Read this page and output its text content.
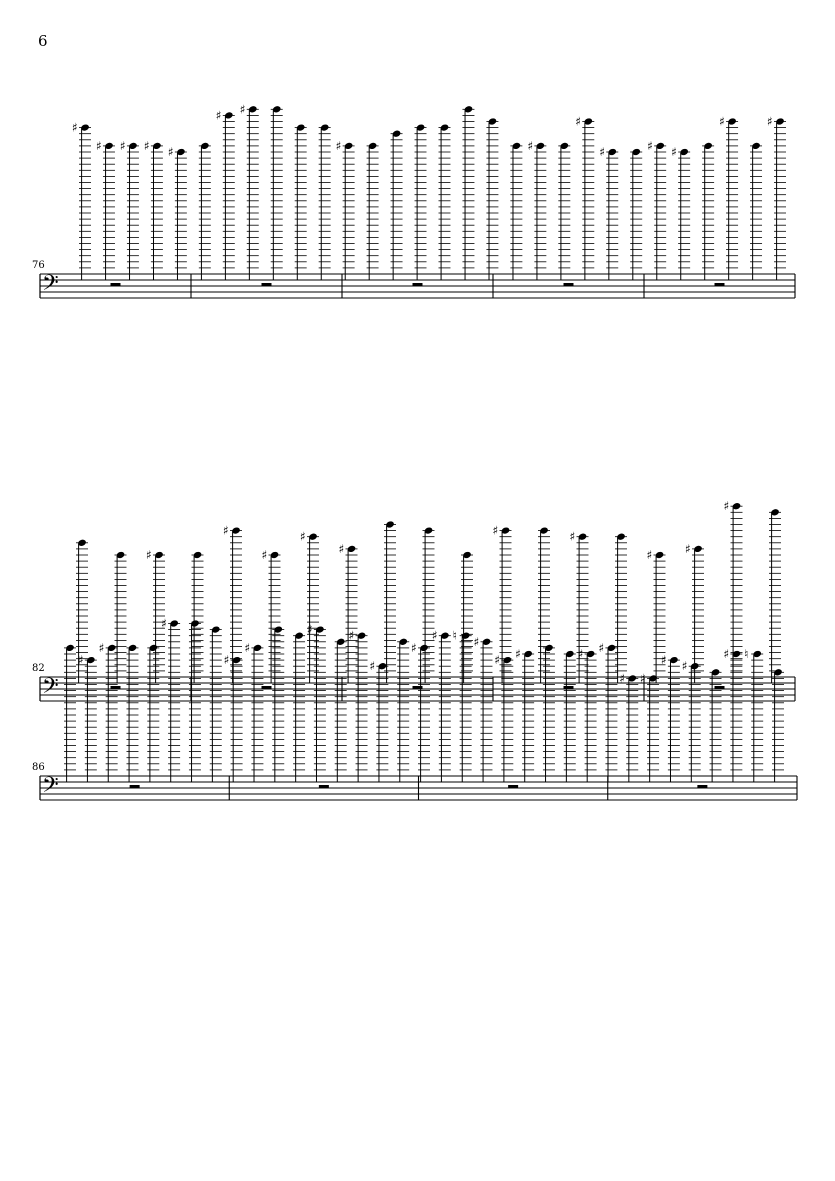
6
76
𝄢
♯
♯ ♯ ♯ ♯
♯ ♯
♯	♯
♯
♯	♯ ♯
♯	♯
82
𝄢
♯
♯
♯
♯
♯
♯	♯
♯	♯
♯
86
𝄢
♯
♯
♯
♯
♯
♯	♯
♯
♯
♯ ♮ ♯
♯ ♯	♯ ♯
♯ ♯
♯ ♯
♯ ♮
